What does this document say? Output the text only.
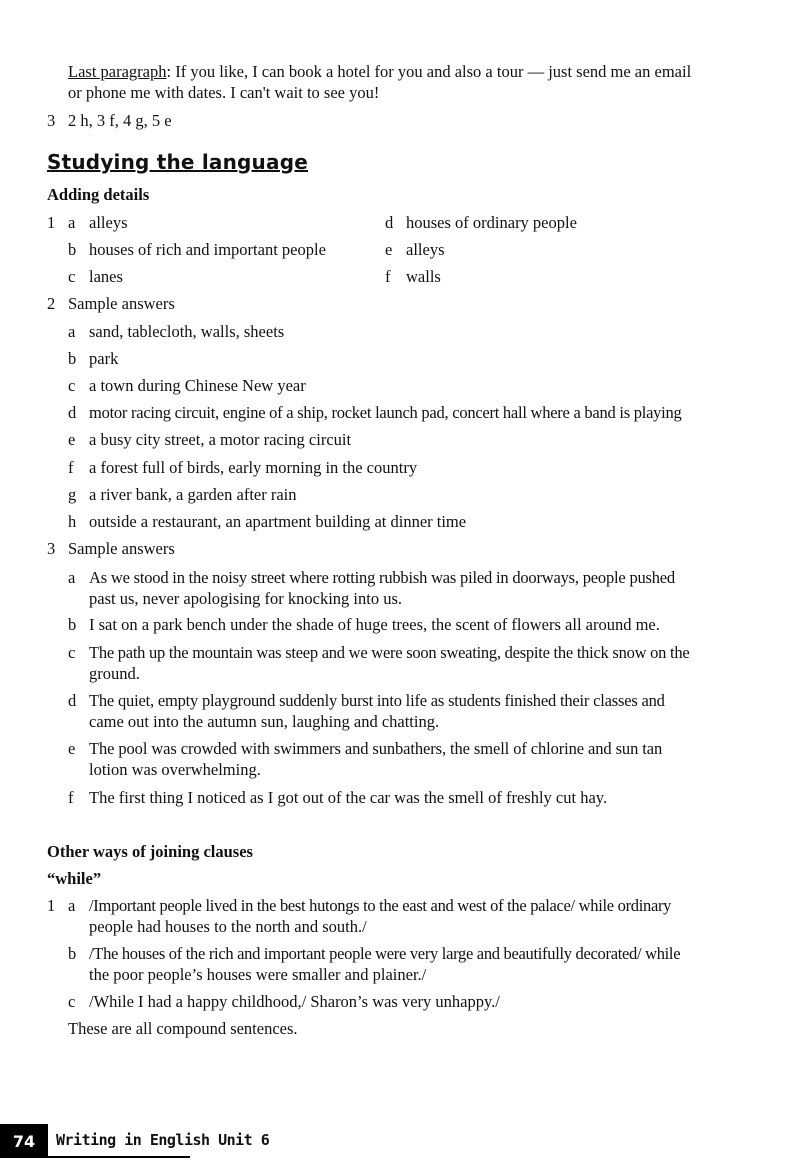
Last paragraph: If you like, I can book a hotel for you and also a tour — just send me an email
or phone me with dates. I can't wait to see you!
3 2 h, 3 f, 4 g, 5 e
Studying the language
Adding details
1 a alleys
b houses of rich and important people
c lanes
d houses of ordinary people
e alleys
f walls
2 Sample answers
a sand, tablecloth, walls, sheets
b park
c a town during Chinese New year
d motor racing circuit, engine of a ship, rocket launch pad, concert hall where a band is playing
e a busy city street, a motor racing circuit
f a forest full of birds, early morning in the country
g a river bank, a garden after rain
h outside a restaurant, an apartment building at dinner time
3 Sample answers
a As we stood in the noisy street where rotting rubbish was piled in doorways, people pushed
past us, never apologising for knocking into us.
b I sat on a park bench under the shade of huge trees, the scent of flowers all around me.
c The path up the mountain was steep and we were soon sweating, despite the thick snow on the
ground.
d The quiet, empty playground suddenly burst into life as students finished their classes and
came out into the autumn sun, laughing and chatting.
e The pool was crowded with swimmers and sunbathers, the smell of chlorine and sun tan
lotion was overwhelming.
f The first thing I noticed as I got out of the car was the smell of freshly cut hay.
Other ways of joining clauses
“while”
1 a /Important people lived in the best hutongs to the east and west of the palace/ while ordinary
people had houses to the north and south./
b /The houses of the rich and important people were very large and beautifully decorated/ while
the poor people’s houses were smaller and plainer./
c /While I had a happy childhood,/ Sharon’s was very unhappy./
These are all compound sentences.
74	Writing in English Unit 6
